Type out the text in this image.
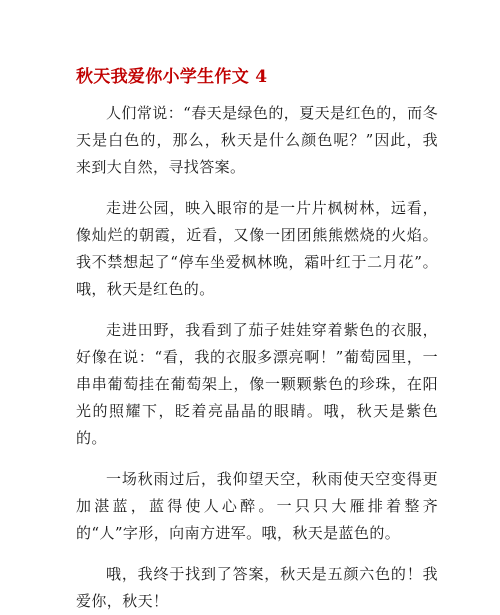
秋天我爱你小学生作文 4

人们常说：“春天是绿色的，夏天是红色的，而冬天是白色的，那么，秋天是什么颜色呢？”因此，我来到大自然，寻找答案。

走进公园，映入眼帘的是一片片枫树林，远看，像灿烂的朝霞，近看，又像一团团熊熊燃烧的火焰。我不禁想起了“停车坐爱枫林晚，霜叶红于二月花”。哦，秋天是红色的。

走进田野，我看到了茄子娃娃穿着紫色的衣服，好像在说：“看，我的衣服多漂亮啊！”葡萄园里，一串串葡萄挂在葡萄架上，像一颗颗紫色的珍珠，在阳光的照耀下，眨着亮晶晶的眼睛。哦，秋天是紫色的。

一场秋雨过后，我仰望天空，秋雨使天空变得更加湛蓝，蓝得使人心醉。一只只大雁排着整齐的“人”字形，向南方进军。哦，秋天是蓝色的。

哦，我终于找到了答案，秋天是五颜六色的！我爱你，秋天！
